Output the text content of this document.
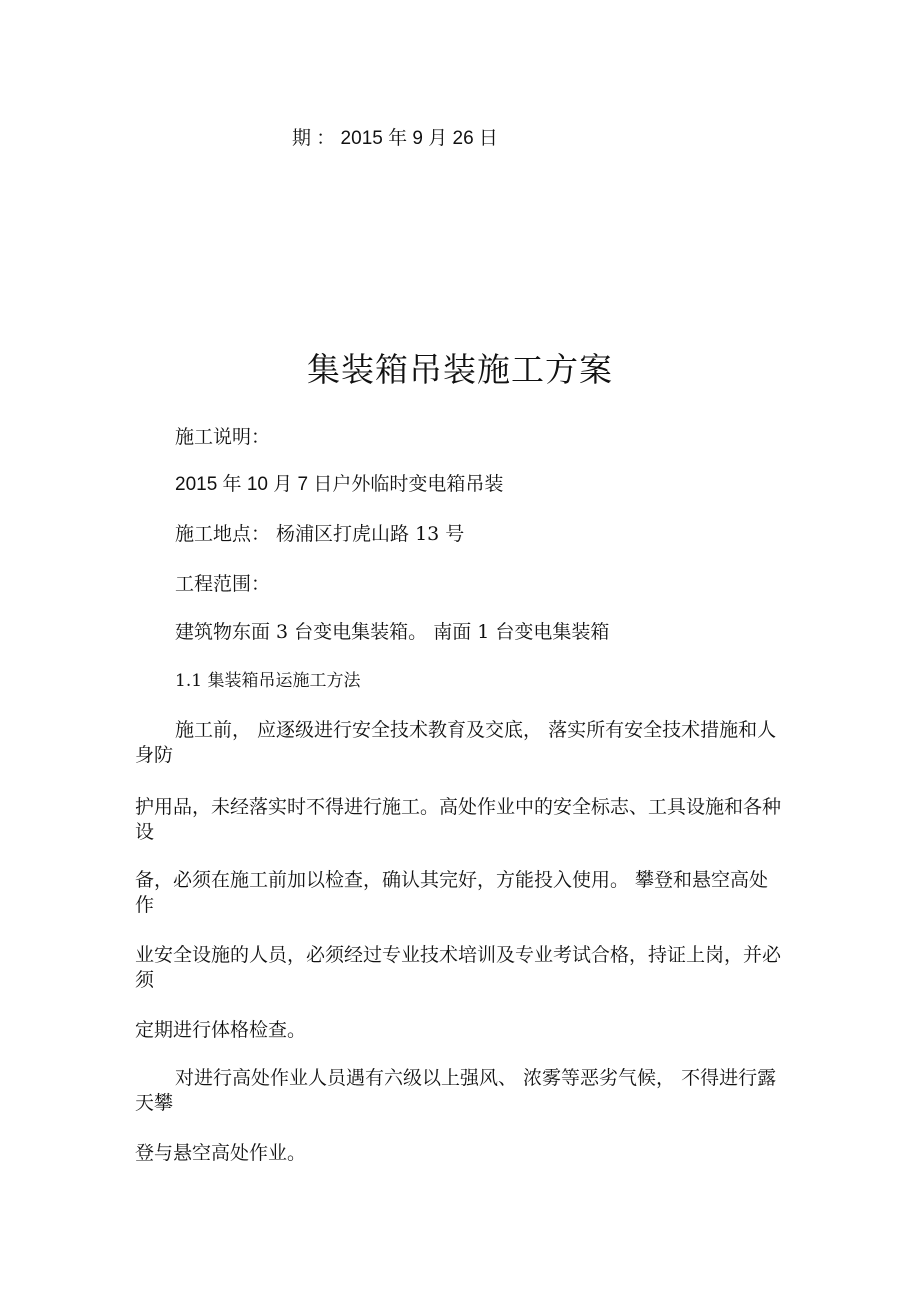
期 ： 2015 年 9 月 26 日
集装箱吊装施工方案
施工说明：
2015 年 10 月 7 日户外临时变电箱吊装
施工地点： 杨浦区打虎山路 13 号
工程范围：
建筑物东面 3 台变电集装箱。 南面 1 台变电集装箱
1.1 集装箱吊运施工方法
施工前， 应逐级进行安全技术教育及交底， 落实所有安全技术措施和人
身防
护用品，未经落实时不得进行施工。高处作业中的安全标志、工具设施和各种
设
备，必须在施工前加以检查，确认其完好，方能投入使用。 攀登和悬空高处
作
业安全设施的人员，必须经过专业技术培训及专业考试合格，持证上岗，并必
须
定期进行体格检查。
对进行高处作业人员遇有六级以上强风、 浓雾等恶劣气候， 不得进行露
天攀
登与悬空高处作业。
